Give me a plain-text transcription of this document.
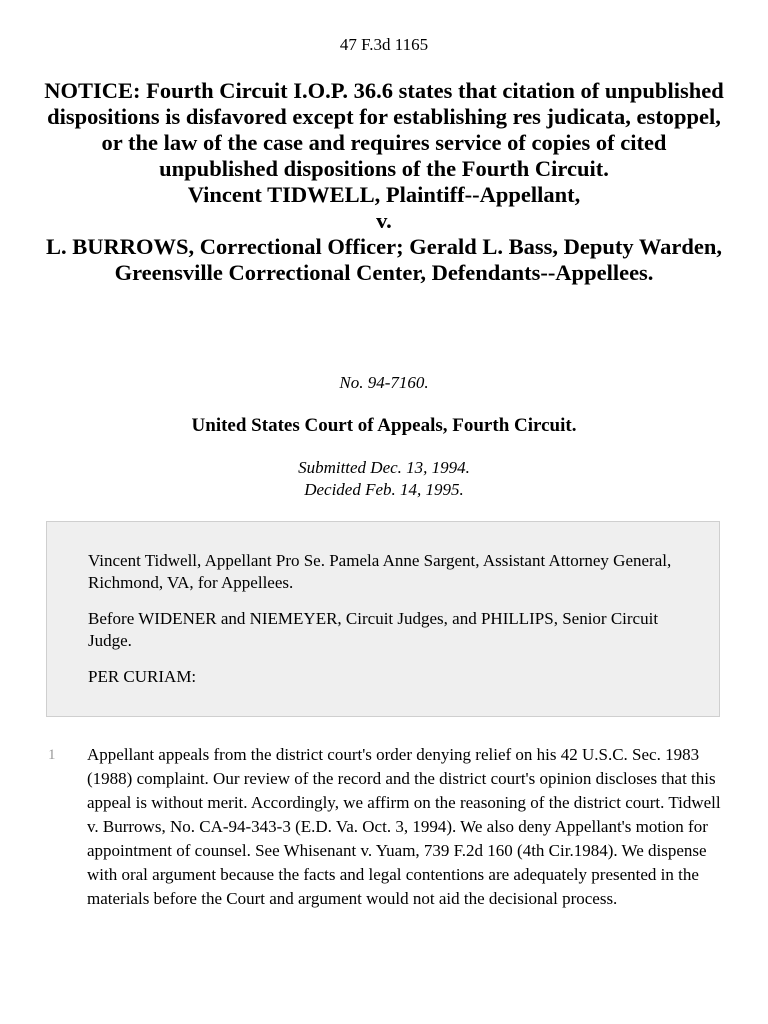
47 F.3d 1165
NOTICE: Fourth Circuit I.O.P. 36.6 states that citation of unpublished dispositions is disfavored except for establishing res judicata, estoppel, or the law of the case and requires service of copies of cited unpublished dispositions of the Fourth Circuit.
Vincent TIDWELL, Plaintiff--Appellant,
v.
L. BURROWS, Correctional Officer; Gerald L. Bass, Deputy Warden, Greensville Correctional Center, Defendants--Appellees.
No. 94-7160.
United States Court of Appeals, Fourth Circuit.
Submitted Dec. 13, 1994.
Decided Feb. 14, 1995.

Vincent Tidwell, Appellant Pro Se. Pamela Anne Sargent, Assistant Attorney General, Richmond, VA, for Appellees.

Before WIDENER and NIEMEYER, Circuit Judges, and PHILLIPS, Senior Circuit Judge.

PER CURIAM:

1 Appellant appeals from the district court's order denying relief on his 42 U.S.C. Sec. 1983 (1988) complaint. Our review of the record and the district court's opinion discloses that this appeal is without merit. Accordingly, we affirm on the reasoning of the district court. Tidwell v. Burrows, No. CA-94-343-3 (E.D. Va. Oct. 3, 1994). We also deny Appellant's motion for appointment of counsel. See Whisenant v. Yuam, 739 F.2d 160 (4th Cir.1984). We dispense with oral argument because the facts and legal contentions are adequately presented in the materials before the Court and argument would not aid the decisional process.
